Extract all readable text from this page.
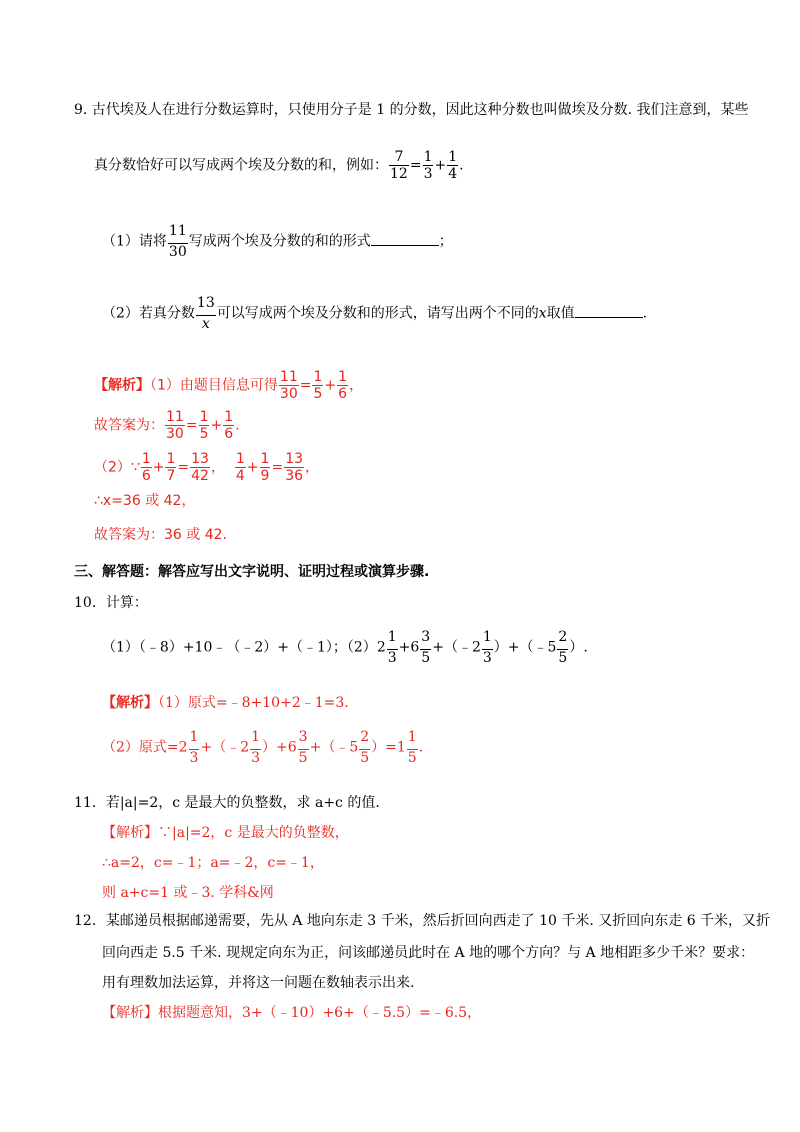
9. 古代埃及人在进行分数运算时，只使用分子是 1 的分数，因此这种分数也叫做埃及分数. 我们注意到，某些
真分数恰好可以写成两个埃及分数的和，例如： $\frac{7}{12} = \frac{1}{3} + \frac{1}{4}$ .
（1）请将 $\frac{11}{30}$ 写成两个埃及分数的和的形式	；
（2）若真分数 $\frac{13}{x}$ 可以写成两个埃及分数和的形式，请写出两个不同的x取值	.
【解析】（1）由题目信息可得 $\frac{11}{30} = \frac{1}{5} + \frac{1}{6}$ ，
故答案为： $\frac{11}{30} = \frac{1}{5} + \frac{1}{6}$ .
（2）∵ $\frac{1}{6} + \frac{1}{7} = \frac{13}{42}$ ， $\frac{1}{4} + \frac{1}{9} = \frac{13}{36}$ ，
∴x=36 或 42，
故答案为：36 或 42.
三、解答题：解答应写出文字说明、证明过程或演算步骤.
10．计算：
（1）（﹣8）+10﹣（﹣2）+（﹣1）；$(2)2 \frac{1}{3} +6 \frac{3}{5}$ +（﹣2 $\frac{1}{3}$ ）+（﹣5 $\frac{2}{5}$ ）.
【解析】（1）原式=﹣8+10+2﹣1=3.
（2）原式$=2 \frac{1}{3}$ +（﹣2 $\frac{1}{3} )+6 \frac{3}{5}$ +（﹣5 $\frac{2}{5} )=1 \frac{1}{5}$ .
11．若|a|=2，c 是最大的负整数，求 a+c 的值.
【解析】∵|a|=2，c 是最大的负整数，
∴a=2，c=﹣1；a=﹣2，c=﹣1，
则 a+c=1 或﹣3. 学科&网
12．某邮递员根据邮递需要，先从 A 地向东走 3 千米，然后折回向西走了 10 千米. 又折回向东走 6 千米，又折
回向西走 5.5 千米. 现规定向东为正，问该邮递员此时在 A 地的哪个方向？与 A 地相距多少千米？要求：
用有理数加法运算，并将这一问题在数轴表示出来.
【解析】根据题意知，3+（﹣10）+6+（﹣5.5）=﹣6.5，
